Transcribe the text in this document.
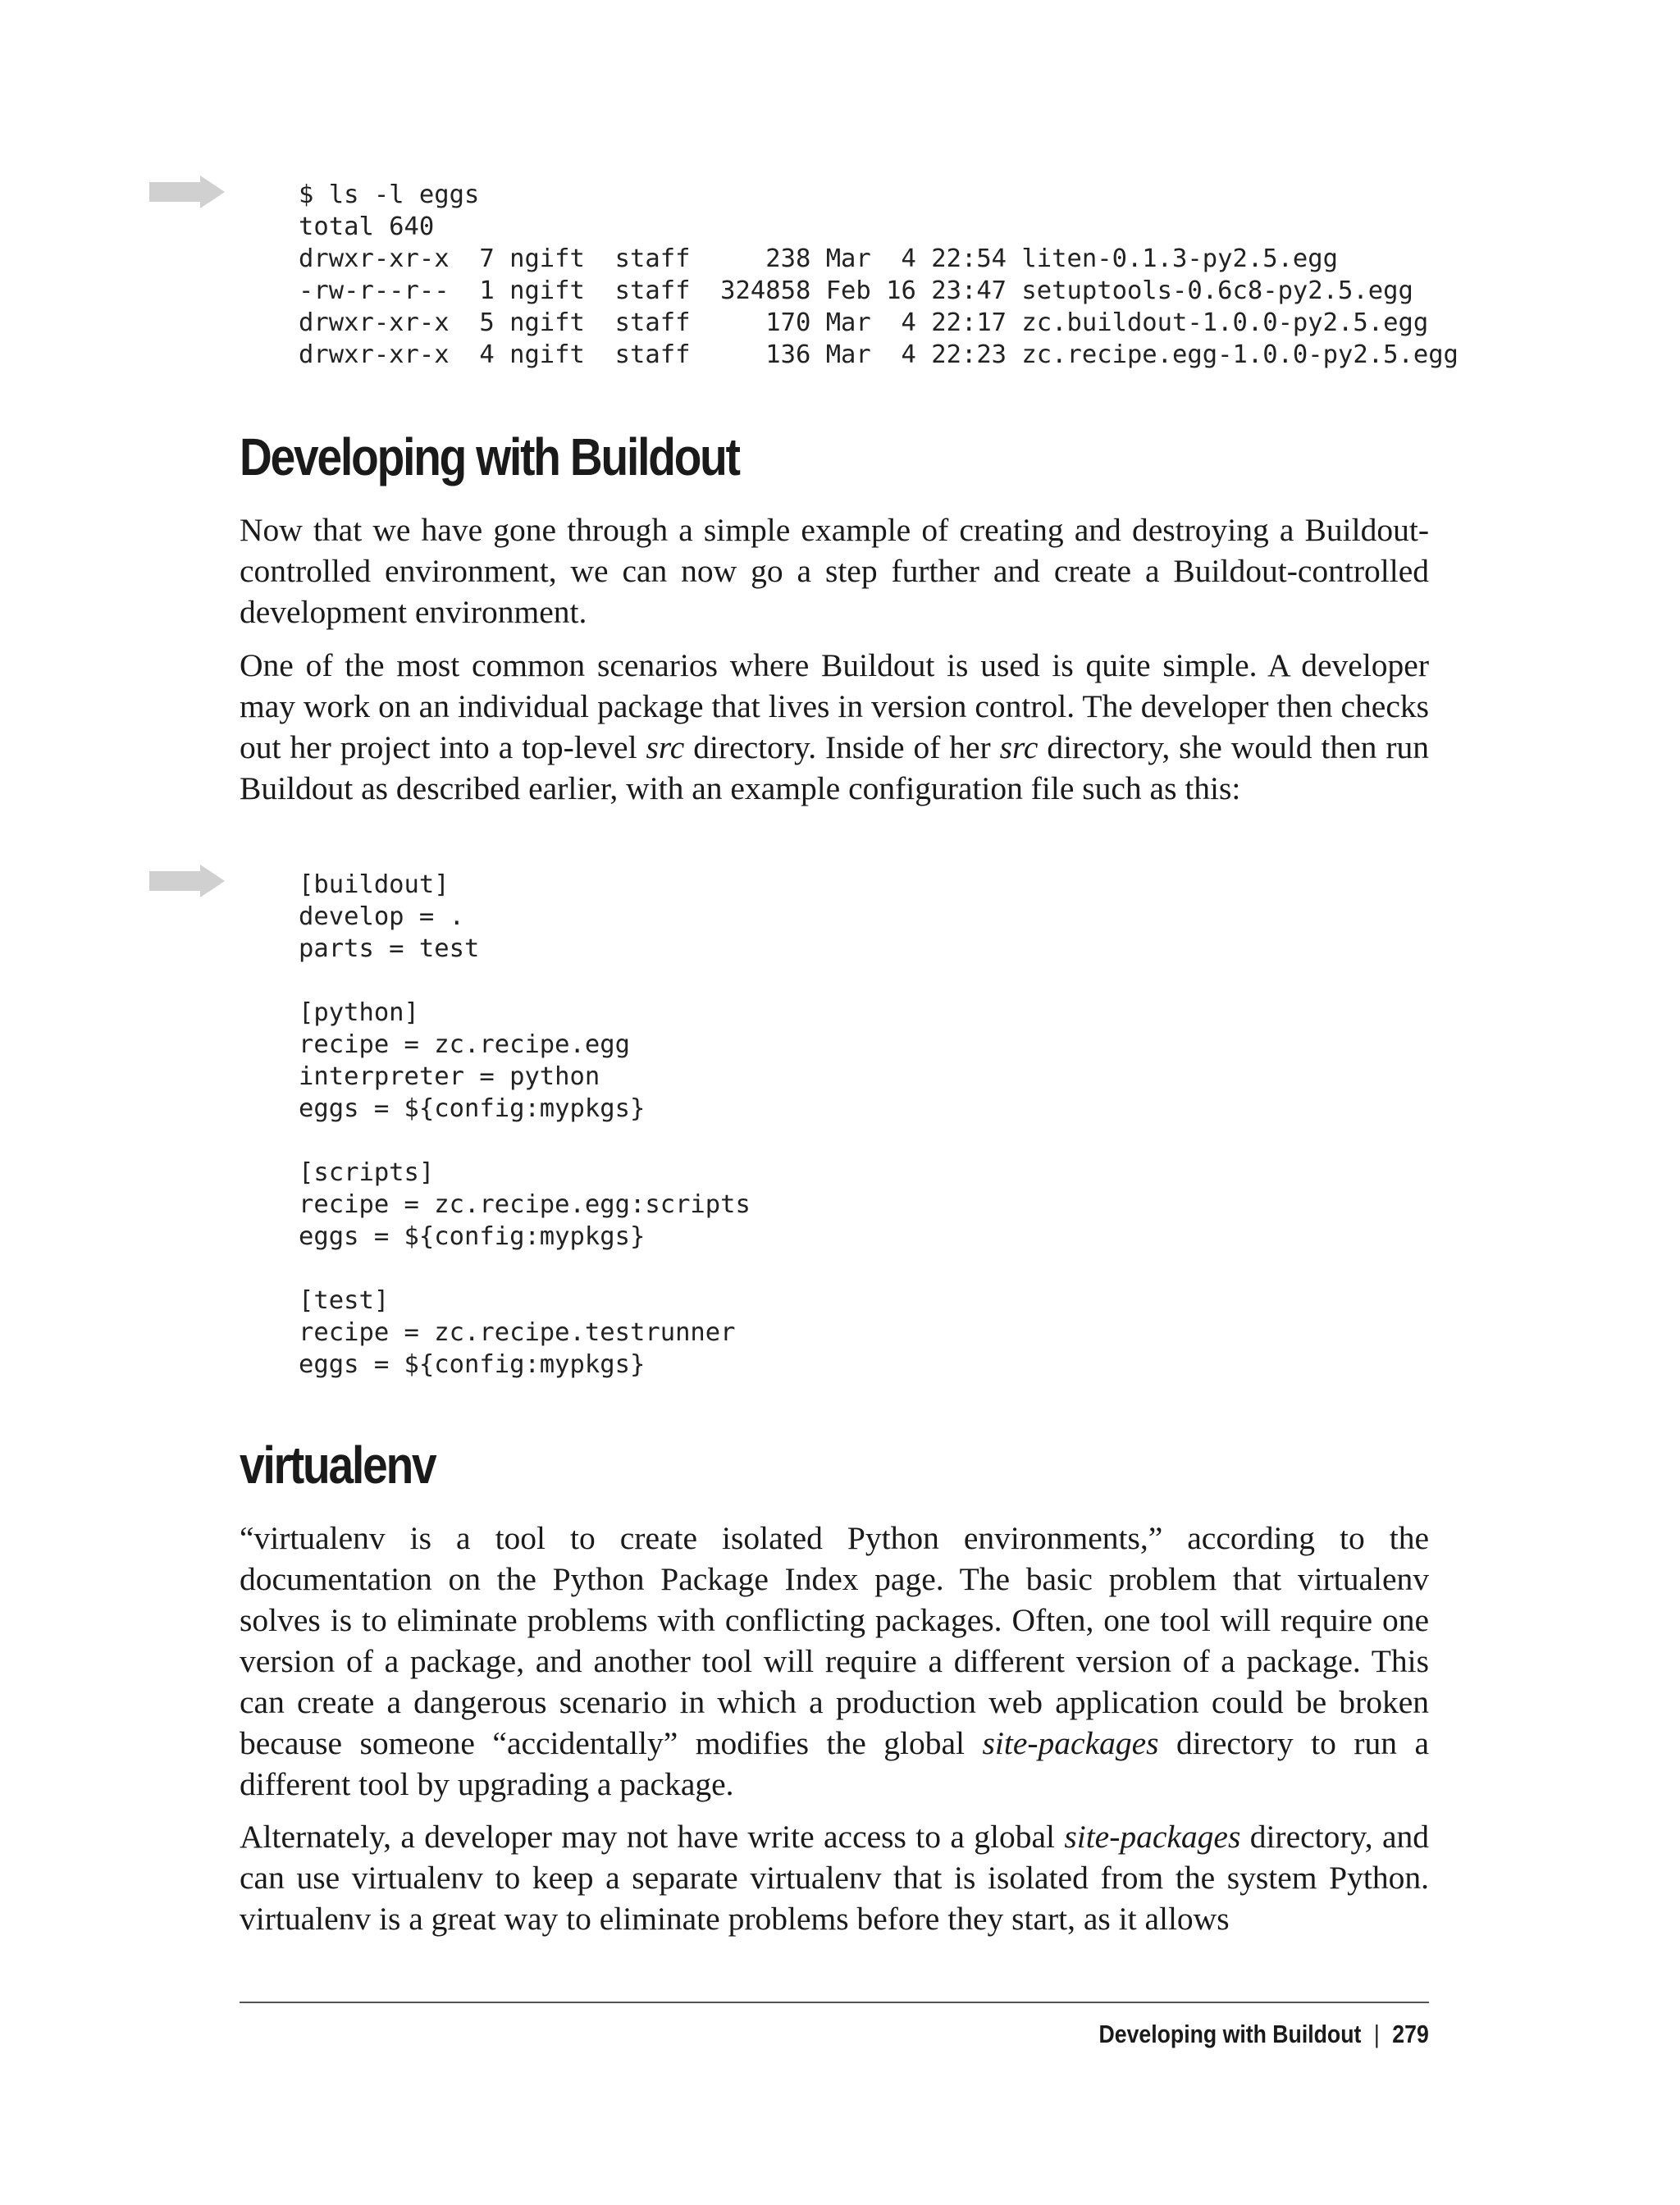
$ ls -l eggs
total 640
drwxr-xr-x  7 ngift  staff     238 Mar  4 22:54 liten-0.1.3-py2.5.egg
-rw-r--r--  1 ngift  staff  324858 Feb 16 23:47 setuptools-0.6c8-py2.5.egg
drwxr-xr-x  5 ngift  staff     170 Mar  4 22:17 zc.buildout-1.0.0-py2.5.egg
drwxr-xr-x  4 ngift  staff     136 Mar  4 22:23 zc.recipe.egg-1.0.0-py2.5.egg
Developing with Buildout

Now that we have gone through a simple example of creating and destroying a Buildout-controlled environment, we can now go a step further and create a Buildout-controlled development environment.

One of the most common scenarios where Buildout is used is quite simple. A developer may work on an individual package that lives in version control. The developer then checks out her project into a top-level src directory. Inside of her src directory, she would then run Buildout as described earlier, with an example configuration file such as this:

[buildout]
develop = .
parts = test

[python]
recipe = zc.recipe.egg
interpreter = python
eggs = ${config:mypkgs}

[scripts]
recipe = zc.recipe.egg:scripts
eggs = ${config:mypkgs}

[test]
recipe = zc.recipe.testrunner
eggs = ${config:mypkgs}
virtualenv

“virtualenv is a tool to create isolated Python environments,” according to the documentation on the Python Package Index page. The basic problem that virtualenv solves is to eliminate problems with conflicting packages. Often, one tool will require one version of a package, and another tool will require a different version of a package. This can create a dangerous scenario in which a production web application could be broken because someone “accidentally” modifies the global site-packages directory to run a different tool by upgrading a package.

Alternately, a developer may not have write access to a global site-packages directory, and can use virtualenv to keep a separate virtualenv that is isolated from the system Python. virtualenv is a great way to eliminate problems before they start, as it allows

Developing with Buildout | 279
